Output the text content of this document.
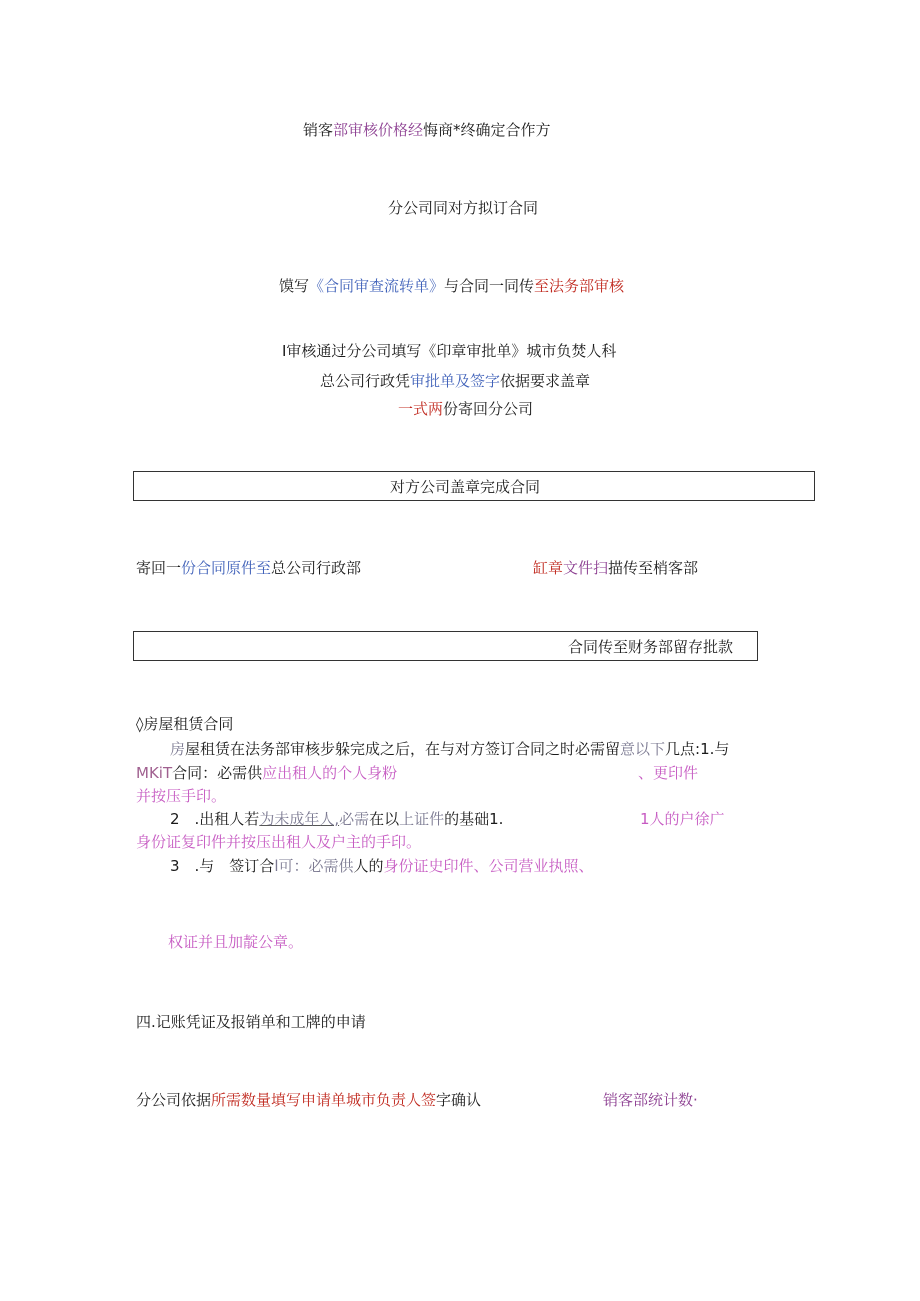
销客部审核价格经悔商*终确定合作方
分公司同对方拟订合同
馍写《合同审查流转单》与合同一同传至法务部审核
I审核通过分公司填写《印章审批单》城市负焚人科
总公司行政凭审批单及签字依据要求盖章
一式两份寄回分公司
对方公司盖章完成合同
寄回一份合同原件至总公司行政部	缸章文件扫描传至梢客部
合同传至财务部留存批款
◊房屋租赁合同
房屋租赁在法务部审核步躲完成之后，在与对方签订合同之时必需留意以下几点:1.与
MKiT合同：必需供应出租人的个人身粉	、更印件
并按压手印。
2　.出租人若为未成年人,必需在以上证件的基础1.	1人的户徐广
身份证复印件并按压出租人及户主的手印。
3　.与　签订合l可：必需供人的身份证史印件、公司营业执照、
权证并且加靛公章。
四.记账凭证及报销单和工牌的申请
分公司依据所需数量填写申请单城市负责人签字确认	销客部统计数·
